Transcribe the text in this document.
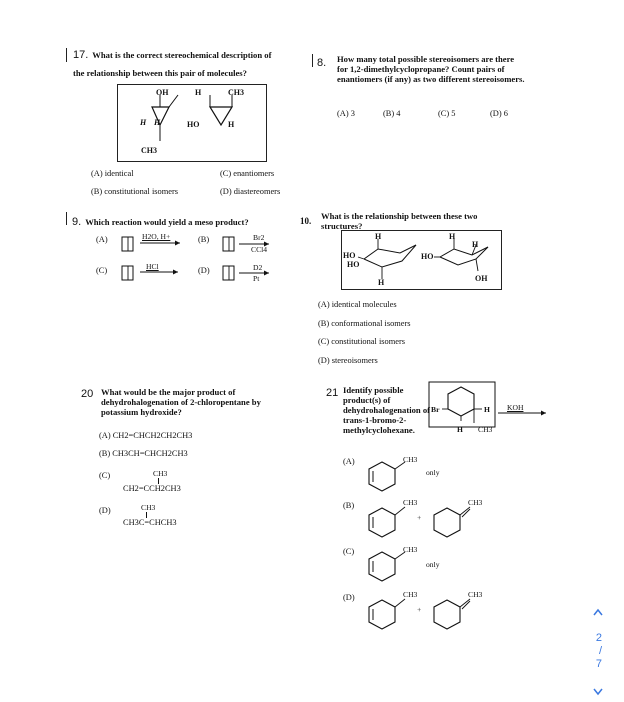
17. What is the correct stereochemical description of the relationship between this pair of molecules?
OH	H	CH3
H H	HO	H
CH3
(A) identical	(C) enantiomers
(B) constitutional isomers	(D) diastereomers
8.	How many total possible stereoisomers are there for 1,2-dimethylcyclopropane? Count pairs of enantiomers (if any) as two different stereoisomers.
(A) 3	(B) 4	(C) 5	(D) 6
9. Which reaction would yield a meso product?
(A)	H2O, H+	(B)	Br2
CCl4
(C)	HCl	(D)	D2
Pt
10.	What is the relationship between these two structures?
H
HO
HO
H
H
H
HO
OH
(A) identical molecules
(B) conformational isomers
(C) constitutional isomers
(D) stereoisomers
20 What would be the major product of dehydrohalogenation of 2-chloropentane by potassium hydroxide?
(A) CH2=CHCH2CH2CH3
(B) CH3CH=CHCH2CH3
(C)	CH3
CH2=CCH2CH3
(D)	CH3
CH3C=CHCH3
21 Identify possible product(s) of dehydrohalogenation of trans-1-bromo-2-methylcyclohexane.
Br	H KOH
H CH3
(A)	CH3
only
(B)	CH3
+
CH3
(C)	CH3
only
(D)	CH3
+
CH3
2
/
7
